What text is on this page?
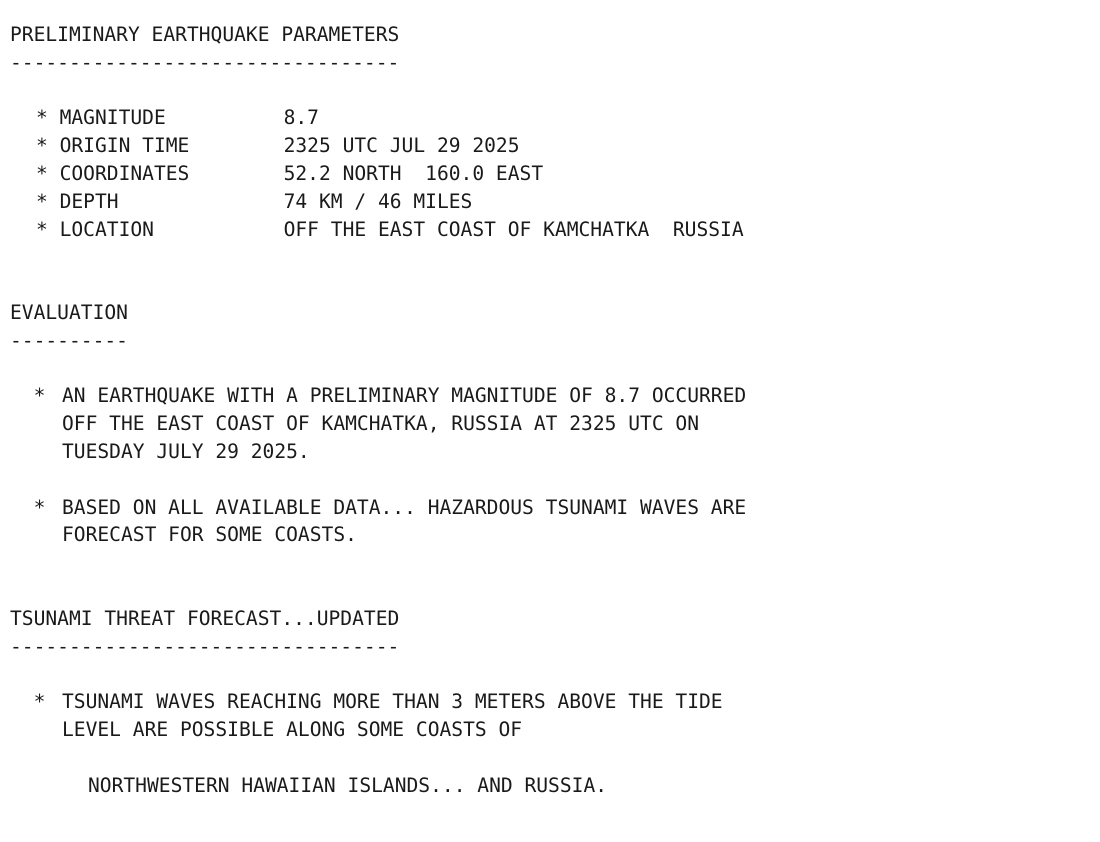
PRELIMINARY EARTHQUAKE PARAMETERS
---------------------------------
*
MAGNITUDE	8.7
*
ORIGIN TIME	2325 UTC JUL 29 2025
*
COORDINATES	52.2 NORTH  160.0 EAST
*
DEPTH	74 KM / 46 MILES
*
LOCATION	OFF THE EAST COAST OF KAMCHATKA  RUSSIA
EVALUATION
----------
* AN EARTHQUAKE WITH A PRELIMINARY MAGNITUDE OF 8.7 OCCURRED
OFF THE EAST COAST OF KAMCHATKA, RUSSIA AT 2325 UTC ON
TUESDAY JULY 29 2025.
* BASED ON ALL AVAILABLE DATA... HAZARDOUS TSUNAMI WAVES ARE
FORECAST FOR SOME COASTS.
TSUNAMI THREAT FORECAST...UPDATED
---------------------------------
* TSUNAMI WAVES REACHING MORE THAN 3 METERS ABOVE THE TIDE
LEVEL ARE POSSIBLE ALONG SOME COASTS OF
NORTHWESTERN HAWAIIAN ISLANDS... AND RUSSIA.
